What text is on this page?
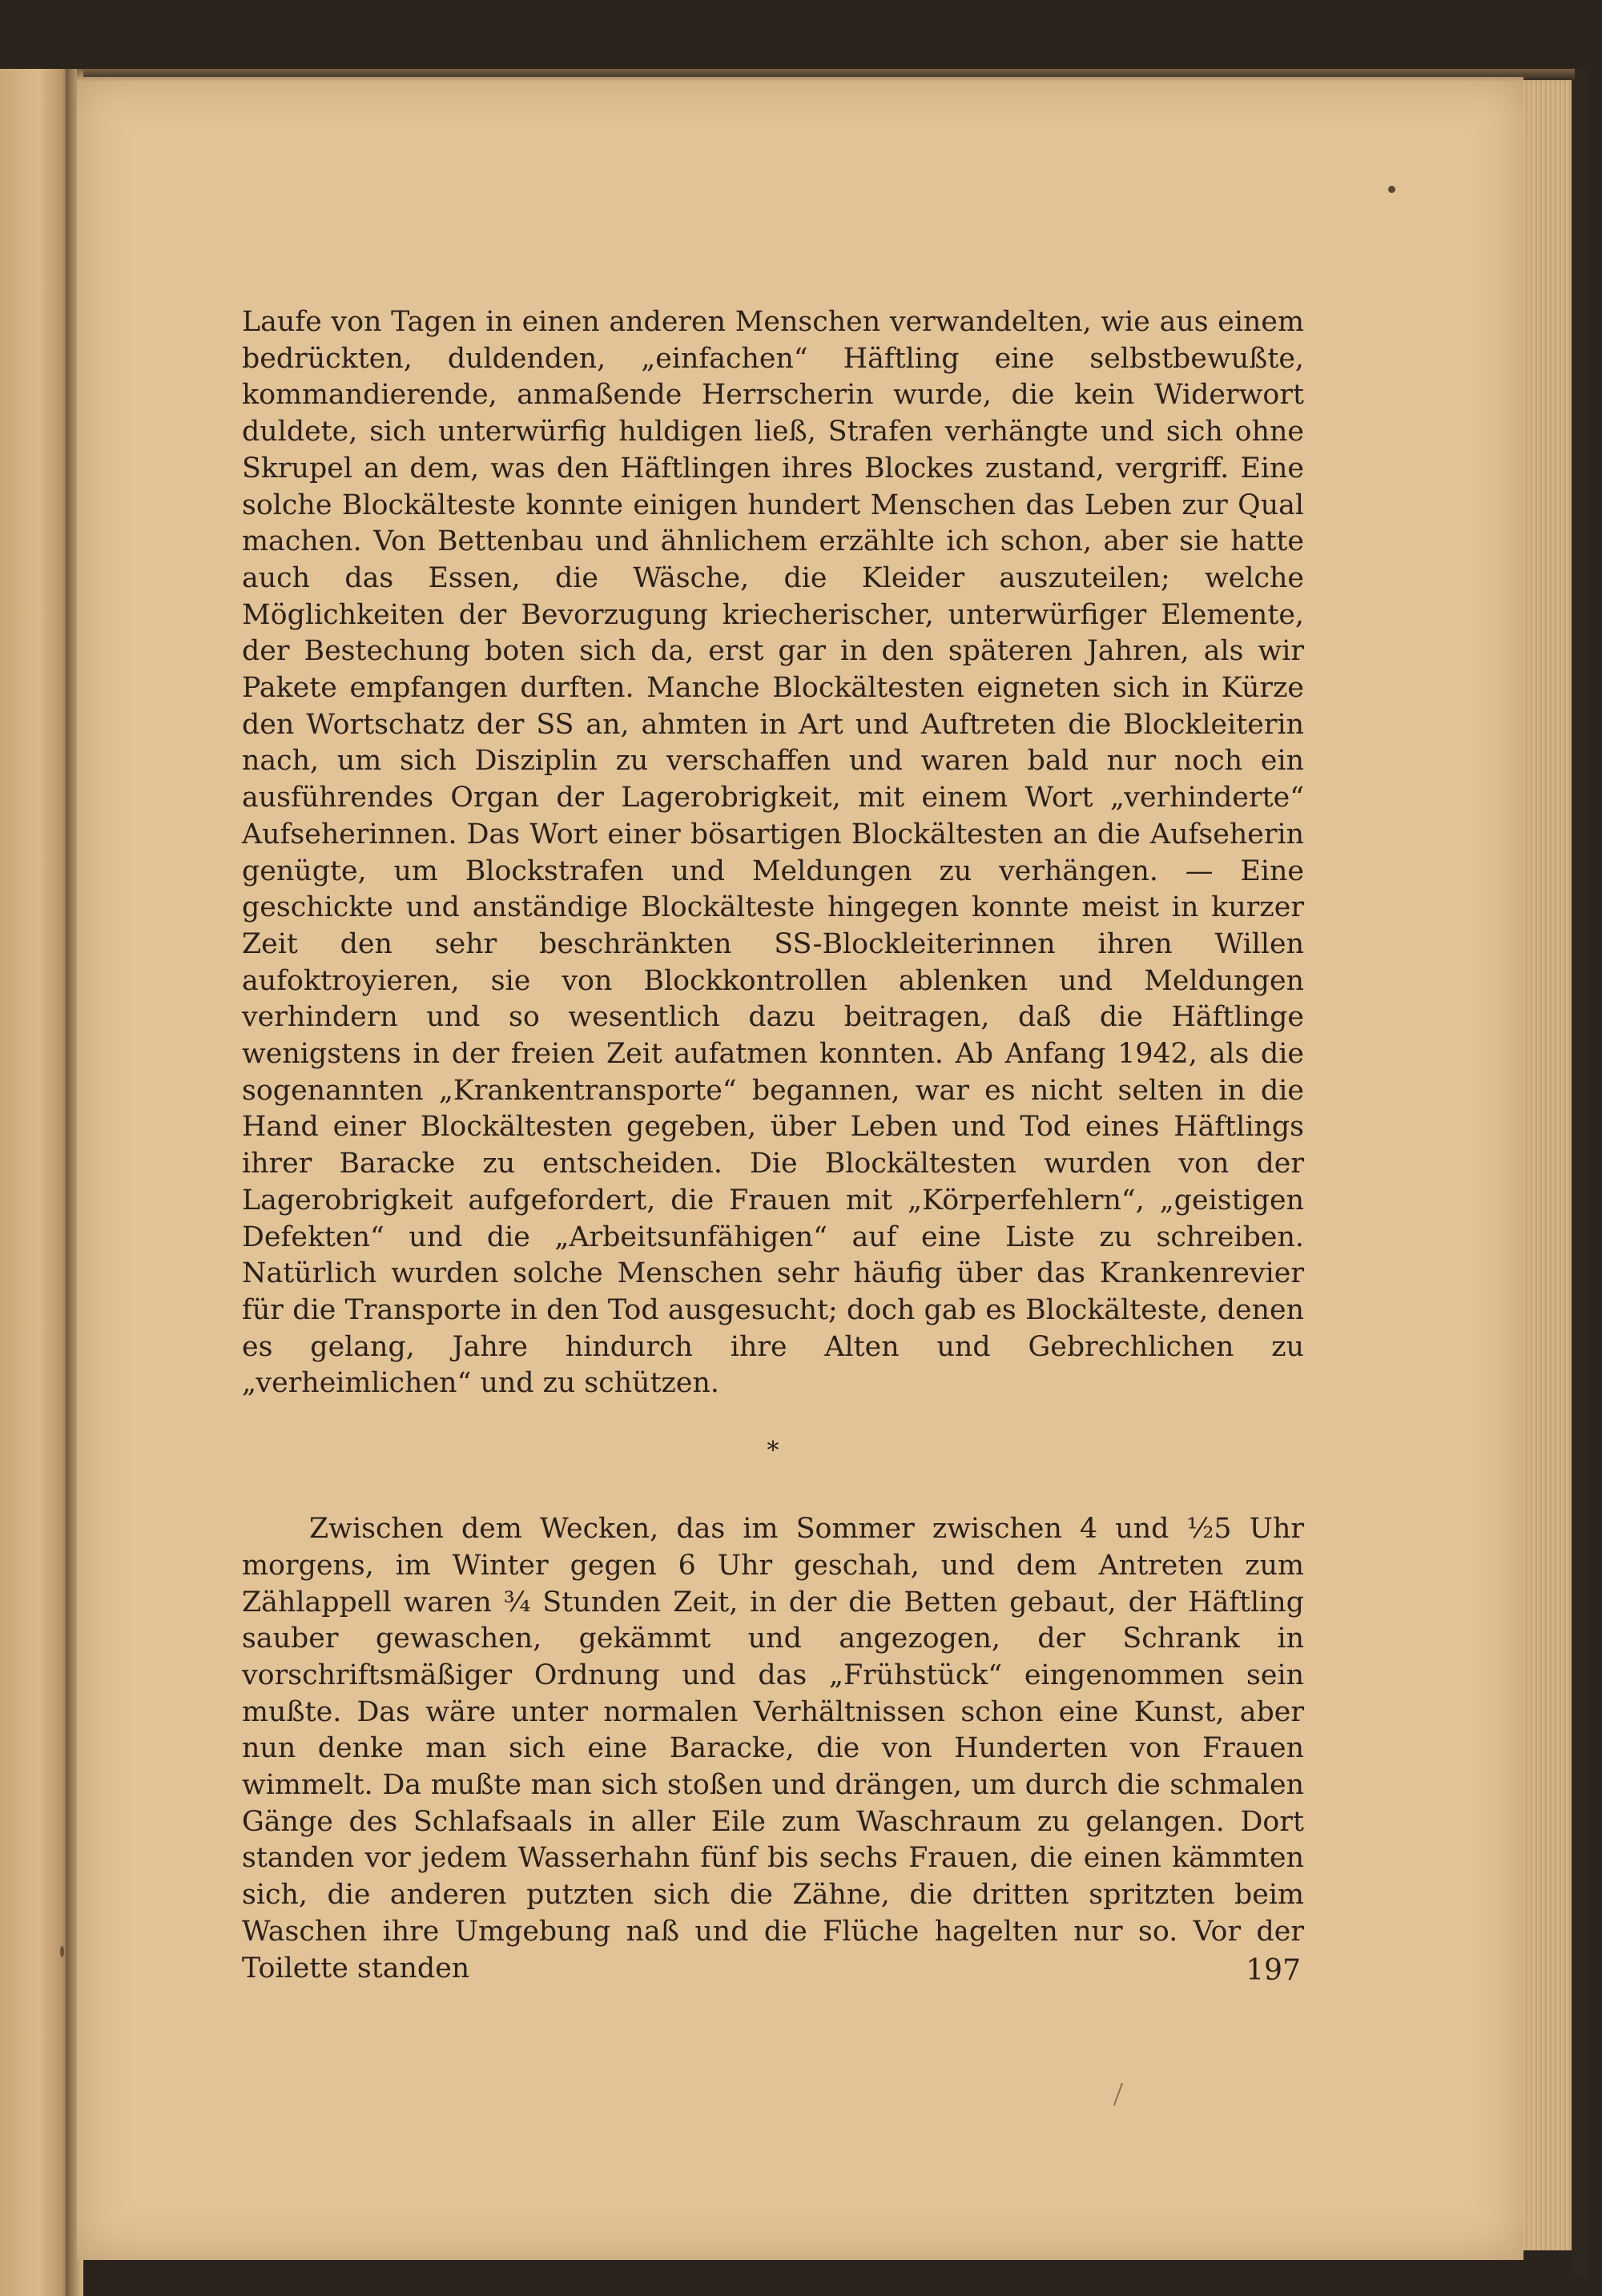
Laufe von Tagen in einen anderen Menschen verwandelten, wie aus einem bedrückten, duldenden, „einfachen“ Häftling eine selbstbewußte, kommandierende, anmaßende Herrscherin wurde, die kein Widerwort duldete, sich unterwürfig huldigen ließ, Strafen verhängte und sich ohne Skrupel an dem, was den Häftlingen ihres Blockes zustand, vergriff. Eine solche Blockälteste konnte einigen hundert Menschen das Leben zur Qual machen. Von Bettenbau und ähnlichem erzählte ich schon, aber sie hatte auch das Essen, die Wäsche, die Kleider auszuteilen; welche Möglichkeiten der Bevorzugung kriecherischer, unterwürfiger Elemente, der Bestechung boten sich da, erst gar in den späteren Jahren, als wir Pakete empfangen durften. Manche Blockältesten eigneten sich in Kürze den Wortschatz der SS an, ahmten in Art und Auftreten die Blockleiterin nach, um sich Disziplin zu verschaffen und waren bald nur noch ein ausführendes Organ der Lagerobrigkeit, mit einem Wort „verhinderte“ Aufseherinnen. Das Wort einer bösartigen Blockältesten an die Aufseherin genügte, um Blockstrafen und Meldungen zu verhängen. — Eine geschickte und anständige Blockälteste hingegen konnte meist in kurzer Zeit den sehr beschränkten SS-Blockleiterinnen ihren Willen aufoktroyieren, sie von Blockkontrollen ablenken und Meldungen verhindern und so wesentlich dazu beitragen, daß die Häftlinge wenigstens in der freien Zeit aufatmen konnten. Ab Anfang 1942, als die sogenannten „Krankentransporte“ begannen, war es nicht selten in die Hand einer Blockältesten gegeben, über Leben und Tod eines Häftlings ihrer Baracke zu entscheiden. Die Blockältesten wurden von der Lagerobrigkeit aufgefordert, die Frauen mit „Körperfehlern“, „geistigen Defekten“ und die „Arbeitsunfähigen“ auf eine Liste zu schreiben. Natürlich wurden solche Menschen sehr häufig über das Krankenrevier für die Transporte in den Tod ausgesucht; doch gab es Blockälteste, denen es gelang, Jahre hindurch ihre Alten und Gebrechlichen zu „verheimlichen“ und zu schützen.

*

Zwischen dem Wecken, das im Sommer zwischen 4 und ½5 Uhr morgens, im Winter gegen 6 Uhr geschah, und dem Antreten zum Zählappell waren ¾ Stunden Zeit, in der die Betten gebaut, der Häftling sauber gewaschen, gekämmt und angezogen, der Schrank in vorschriftsmäßiger Ordnung und das „Frühstück“ eingenommen sein mußte. Das wäre unter normalen Verhältnissen schon eine Kunst, aber nun denke man sich eine Baracke, die von Hunderten von Frauen wimmelt. Da mußte man sich stoßen und drängen, um durch die schmalen Gänge des Schlafsaals in aller Eile zum Waschraum zu gelangen. Dort standen vor jedem Wasserhahn fünf bis sechs Frauen, die einen kämmten sich, die anderen putzten sich die Zähne, die dritten spritzten beim Waschen ihre Umgebung naß und die Flüche hagelten nur so. Vor der Toilette standen	197
